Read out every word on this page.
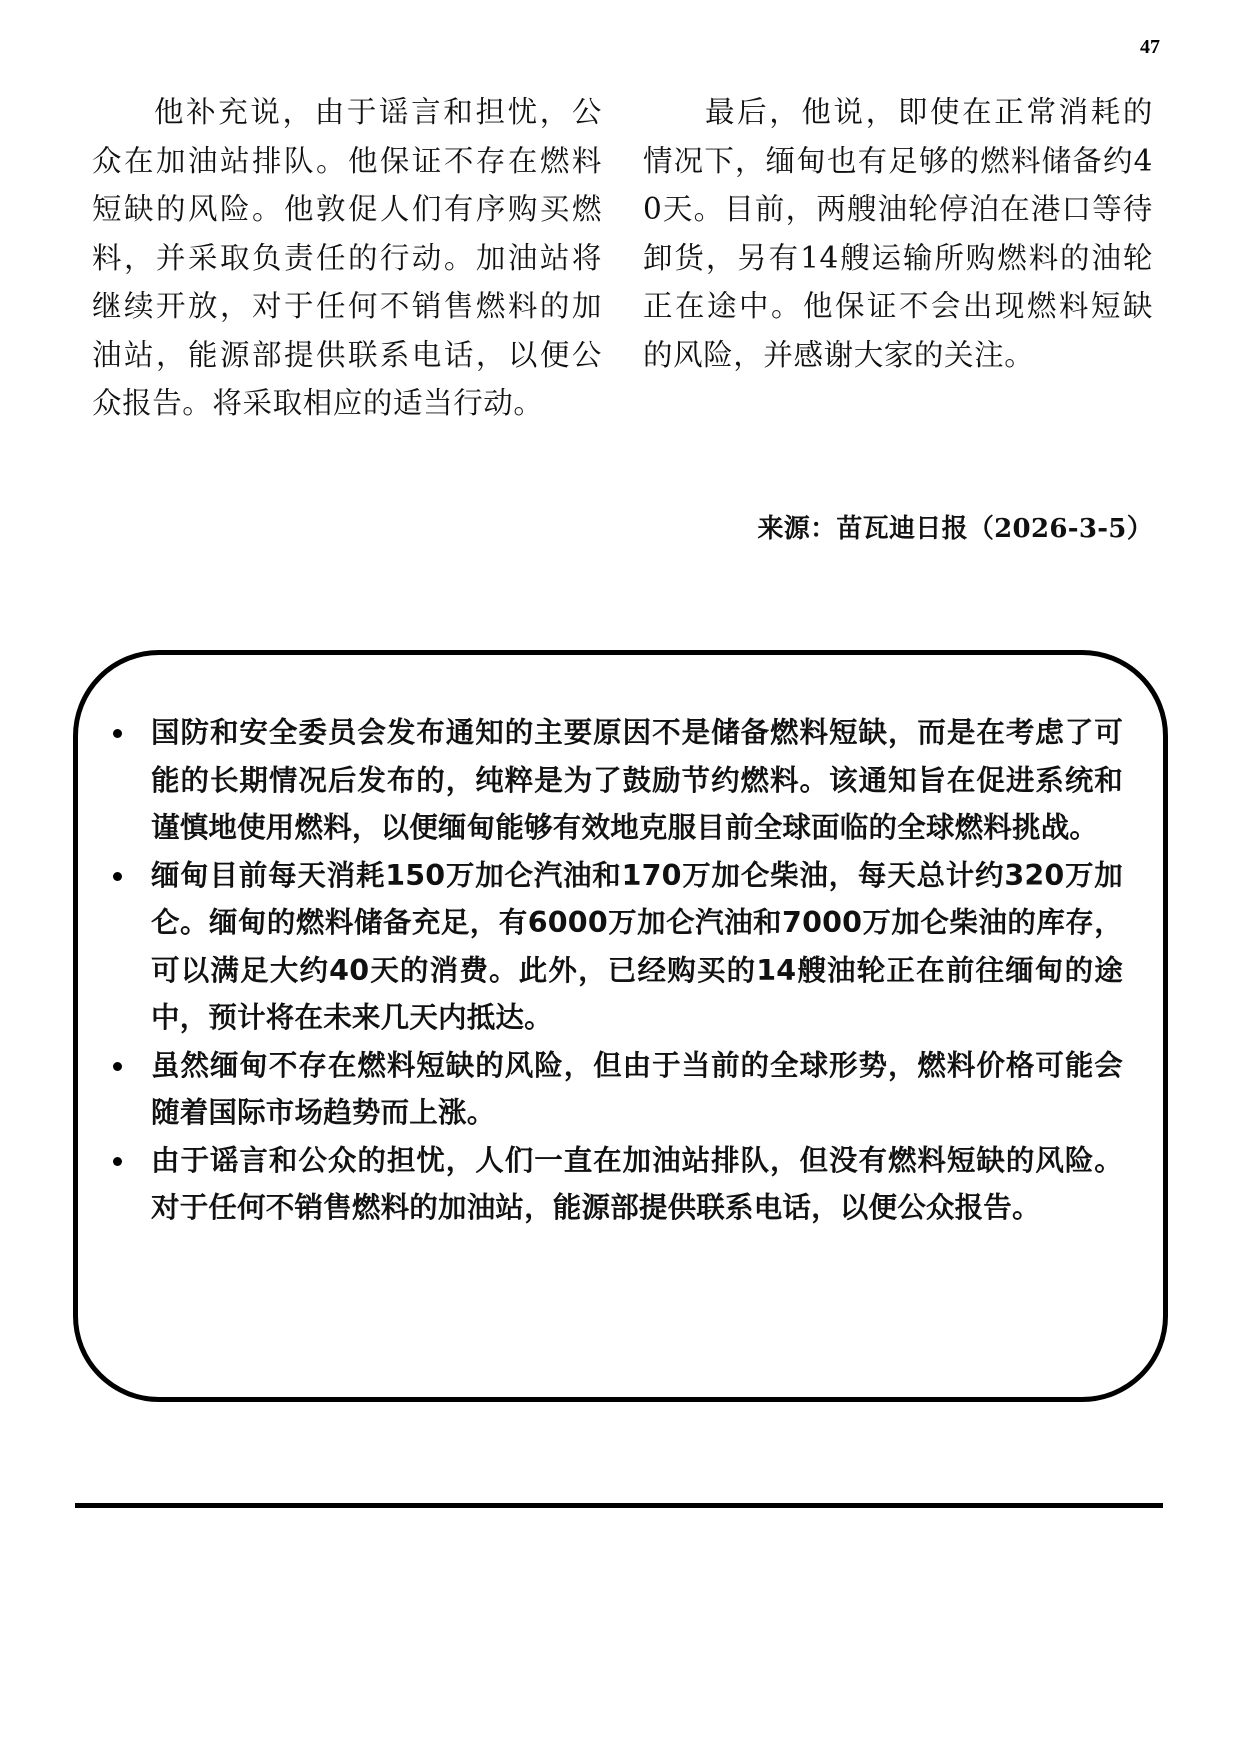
47

他补充说，由于谣言和担忧，公众在加油站排队。他保证不存在燃料短缺的风险。他敦促人们有序购买燃料，并采取负责任的行动。加油站将继续开放，对于任何不销售燃料的加油站，能源部提供联系电话，以便公众报告。将采取相应的适当行动。

最后，他说，即使在正常消耗的情况下，缅甸也有足够的燃料储备约40天。目前，两艘油轮停泊在港口等待卸货，另有14艘运输所购燃料的油轮正在途中。他保证不会出现燃料短缺的风险，并感谢大家的关注。

来源：苗瓦迪日报（2026-3-5）
国防和安全委员会发布通知的主要原因不是储备燃料短缺，而是在考虑了可能的长期情况后发布的，纯粹是为了鼓励节约燃料。该通知旨在促进系统和谨慎地使用燃料，以便缅甸能够有效地克服目前全球面临的全球燃料挑战。
缅甸目前每天消耗150万加仑汽油和170万加仑柴油，每天总计约320万加仑。缅甸的燃料储备充足，有6000万加仑汽油和7000万加仑柴油的库存，可以满足大约40天的消费。此外，已经购买的14艘油轮正在前往缅甸的途中，预计将在未来几天内抵达。
虽然缅甸不存在燃料短缺的风险，但由于当前的全球形势，燃料价格可能会随着国际市场趋势而上涨。
由于谣言和公众的担忧，人们一直在加油站排队，但没有燃料短缺的风险。对于任何不销售燃料的加油站，能源部提供联系电话，以便公众报告。
